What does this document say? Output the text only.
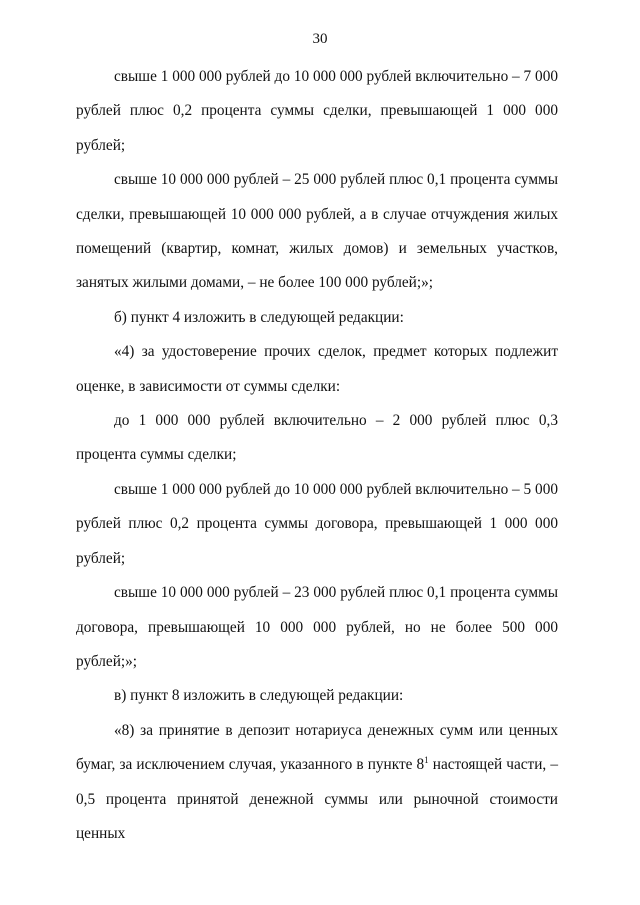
30

свыше 1 000 000 рублей до 10 000 000 рублей включительно – 7 000 рублей плюс 0,2 процента суммы сделки, превышающей 1 000 000 рублей;

свыше 10 000 000 рублей – 25 000 рублей плюс 0,1 процента суммы сделки, превышающей 10 000 000 рублей, а в случае отчуждения жилых помещений (квартир, комнат, жилых домов) и земельных участков, занятых жилыми домами, – не более 100 000 рублей;»;

б) пункт 4 изложить в следующей редакции:

«4) за удостоверение прочих сделок, предмет которых подлежит оценке, в зависимости от суммы сделки:

до 1 000 000 рублей включительно – 2 000 рублей плюс 0,3 процента суммы сделки;

свыше 1 000 000 рублей до 10 000 000 рублей включительно – 5 000 рублей плюс 0,2 процента суммы договора, превышающей 1 000 000 рублей;

свыше 10 000 000 рублей – 23 000 рублей плюс 0,1 процента суммы договора, превышающей 10 000 000 рублей, но не более 500 000 рублей;»;

в) пункт 8 изложить в следующей редакции:

«8) за принятие в депозит нотариуса денежных сумм или ценных бумаг, за исключением случая, указанного в пункте $8^1$ настоящей части, – 0,5 процента принятой денежной суммы или рыночной стоимости ценных
